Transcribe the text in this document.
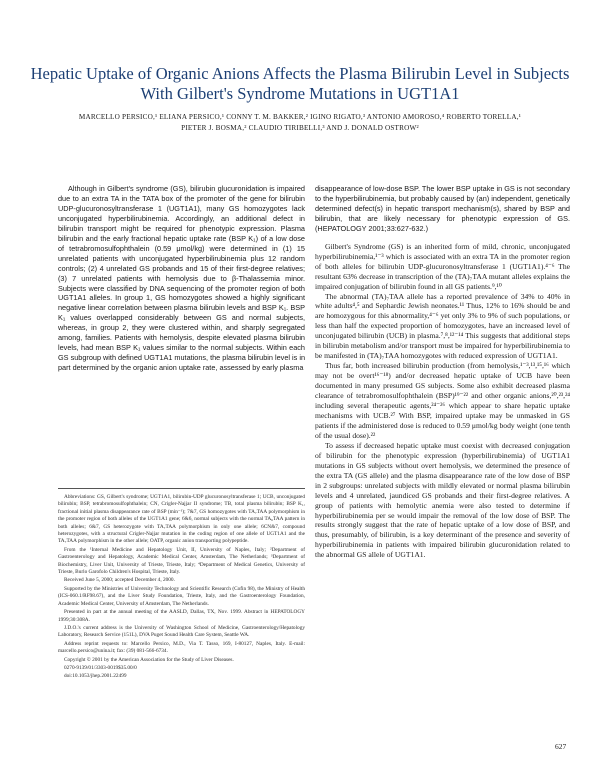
Hepatic Uptake of Organic Anions Affects the Plasma Bilirubin Level in Subjects With Gilbert's Syndrome Mutations in UGT1A1
MARCELLO PERSICO,¹ ELIANA PERSICO,¹ CONNY T. M. BAKKER,² IGINO RIGATO,³ ANTONIO AMOROSO,⁴ ROBERTO TORELLA,¹
PIETER J. BOSMA,² CLAUDIO TIRIBELLI,³ AND J. DONALD OSTROW²

Although in Gilbert's syndrome (GS), bilirubin glucuronidation is impaired due to an extra TA in the TATA box of the promoter of the gene for bilirubin UDP-glucuronosyltransferase 1 (UGT1A1), many GS homozygotes lack unconjugated hyperbilirubinemia. Accordingly, an additional defect in bilirubin transport might be required for phenotypic expression. Plasma bilirubin and the early fractional hepatic uptake rate (BSP K₁) of a low dose of tetrabromosulfophthalein (0.59 μmol/kg) were determined in (1) 15 unrelated patients with unconjugated hyperbilirubinemia plus 12 random controls; (2) 4 unrelated GS probands and 15 of their first-degree relatives; (3) 7 unrelated patients with hemolysis due to β-Thalassemia minor. Subjects were classified by DNA sequencing of the promoter region of both UGT1A1 alleles. In group 1, GS homozygotes showed a highly significant negative linear correlation between plasma bilirubin levels and BSP K₁. BSP K₁ values overlapped considerably between GS and normal subjects, whereas, in group 2, they were clustered within, and sharply segregated among, families. Patients with hemolysis, despite elevated plasma bilirubin levels, had mean BSP K₁ values similar to the normal subjects. Within each GS subgroup with defined UGT1A1 mutations, the plasma bilirubin level is in part determined by the organic anion uptake rate, assessed by early plasma

Abbreviations: GS, Gilbert's syndrome; UGT1A1, bilirubin-UDP glucuronosyltransferase 1; UCB, unconjugated bilirubin; BSP, tetrabromosulfophthalein; CN, Crigler-Najjar II syndrome; TB, total plasma bilirubin; BSP K₁, fractional initial plasma disappearance rate of BSP (min⁻¹); 7&7, GS homozygotes with TA₇TAA polymorphism in the promoter region of both alleles of the UGT1A1 gene; 6&6, normal subjects with the normal TA₆TAA pattern in both alleles; 6&7, GS heterozygote with TA₇TAA polymorphism in only one allele; 6CN&7, compound heterozygotes, with a structural Crigler-Najjar mutation in the coding region of one allele of UGT1A1 and the TA₇TAA polymorphism in the other allele; OATP, organic anion transporting polypeptide.

From the ¹Internal Medicine and Hepatology Unit, II, University of Naples, Italy; ²Department of Gastroenterology and Hepatology, Academic Medical Center, Amsterdam, The Netherlands; ³Department of Biochemistry, Liver Unit, University of Trieste, Trieste, Italy; ⁴Department of Medical Genetics, University of Trieste, Burlo Garofolo Children's Hospital, Trieste, Italy.

Received June 5, 2000; accepted December 4, 2000.

Supported by the Ministries of University Technology and Scientific Research (Cofin 98), the Ministry of Health (ICS-060.1/RF98.67), and the Liver Study Foundation, Trieste, Italy, and the Gastroenterology Foundation, Academic Medical Center, University of Amsterdam, The Netherlands.

Presented in part at the annual meeting of the AASLD, Dallas, TX, Nov. 1999. Abstract in HEPATOLOGY 1999;30:308A.

J.D.O.'s current address is the University of Washington School of Medicine, Gastroenterology/Hepatology Laboratory, Research Service (151L), DVA Puget Sound Health Care System, Seattle WA.

Address reprint requests to: Marcello Persico, M.D., Via T. Tasso, 169, I-80127, Naples, Italy. E-mail: marcello.persico@unina.it; fax: (39) 081-566-6734.

Copyright © 2001 by the American Association for the Study of Liver Diseases.

0270-9139/01/3303-0019$35.00/0

doi:10.1053/jhep.2001.22499

disappearance of low-dose BSP. The lower BSP uptake in GS is not secondary to the hyperbilirubinemia, but probably caused by (an) independent, genetically determined defect(s) in hepatic transport mechanism(s), shared by BSP and bilirubin, that are likely necessary for phenotypic expression of GS. (HEPATOLOGY 2001;33:627-632.)

Gilbert's Syndrome (GS) is an inherited form of mild, chronic, unconjugated hyperbilirubinemia,¹⁻³ which is associated with an extra TA in the promoter region of both alleles for bilirubin UDP-glucuronosyltransferase 1 (UGT1A1).⁴⁻⁶ The resultant 63% decrease in transcription of the (TA)₇TAA mutant alleles explains the impaired conjugation of bilirubin found in all GS patients.⁹,¹⁰

The abnormal (TA)₇TAA allele has a reported prevalence of 34% to 40% in white adults⁴,⁵ and Sephardic Jewish neonates.¹¹ Thus, 12% to 16% should be and are homozygous for this abnormality,⁴⁻⁶ yet only 3% to 9% of such populations, or less than half the expected proportion of homozygotes, have an increased level of unconjugated bilirubin (UCB) in plasma.⁷,⁸,¹²⁻¹⁴ This suggests that additional steps in bilirubin metabolism and/or transport must be impaired for hyperbilirubinemia to be manifested in (TA)₇TAA homozygotes with reduced expression of UGT1A1.

Thus far, both increased bilirubin production (from hemolysis,¹⁻³,¹³,¹⁵,¹⁶ which may not be overt¹⁶⁻¹⁸) and/or decreased hepatic uptake of UCB have been documented in many presumed GS subjects. Some also exhibit decreased plasma clearance of tetrabromosulfophthalein (BSP)¹⁹⁻²² and other organic anions,²⁰,²³,²⁴ including several therapeutic agents,²⁴⁻²⁶ which appear to share hepatic uptake mechanisms with UCB.²⁷ With BSP, impaired uptake may be unmasked in GS patients if the administered dose is reduced to 0.59 μmol/kg body weight (one tenth of the usual dose).²²

To assess if decreased hepatic uptake must coexist with decreased conjugation of bilirubin for the phenotypic expression (hyperbilirubinemia) of UGT1A1 mutations in GS subjects without overt hemolysis, we determined the presence of the extra TA (GS allele) and the plasma disappearance rate of the low dose of BSP in 2 subgroups: unrelated subjects with mildly elevated or normal plasma bilirubin levels and 4 unrelated, jaundiced GS probands and their first-degree relatives. A group of patients with hemolytic anemia were also tested to determine if hyperbilirubinemia per se would impair the removal of the low dose of BSP. The results strongly suggest that the rate of hepatic uptake of a low dose of BSP, and thus, presumably, of bilirubin, is a key determinant of the presence and severity of hyperbilirubinemia in patients with impaired bilirubin glucuronidation related to the abnormal GS allele of UGT1A1.

627
